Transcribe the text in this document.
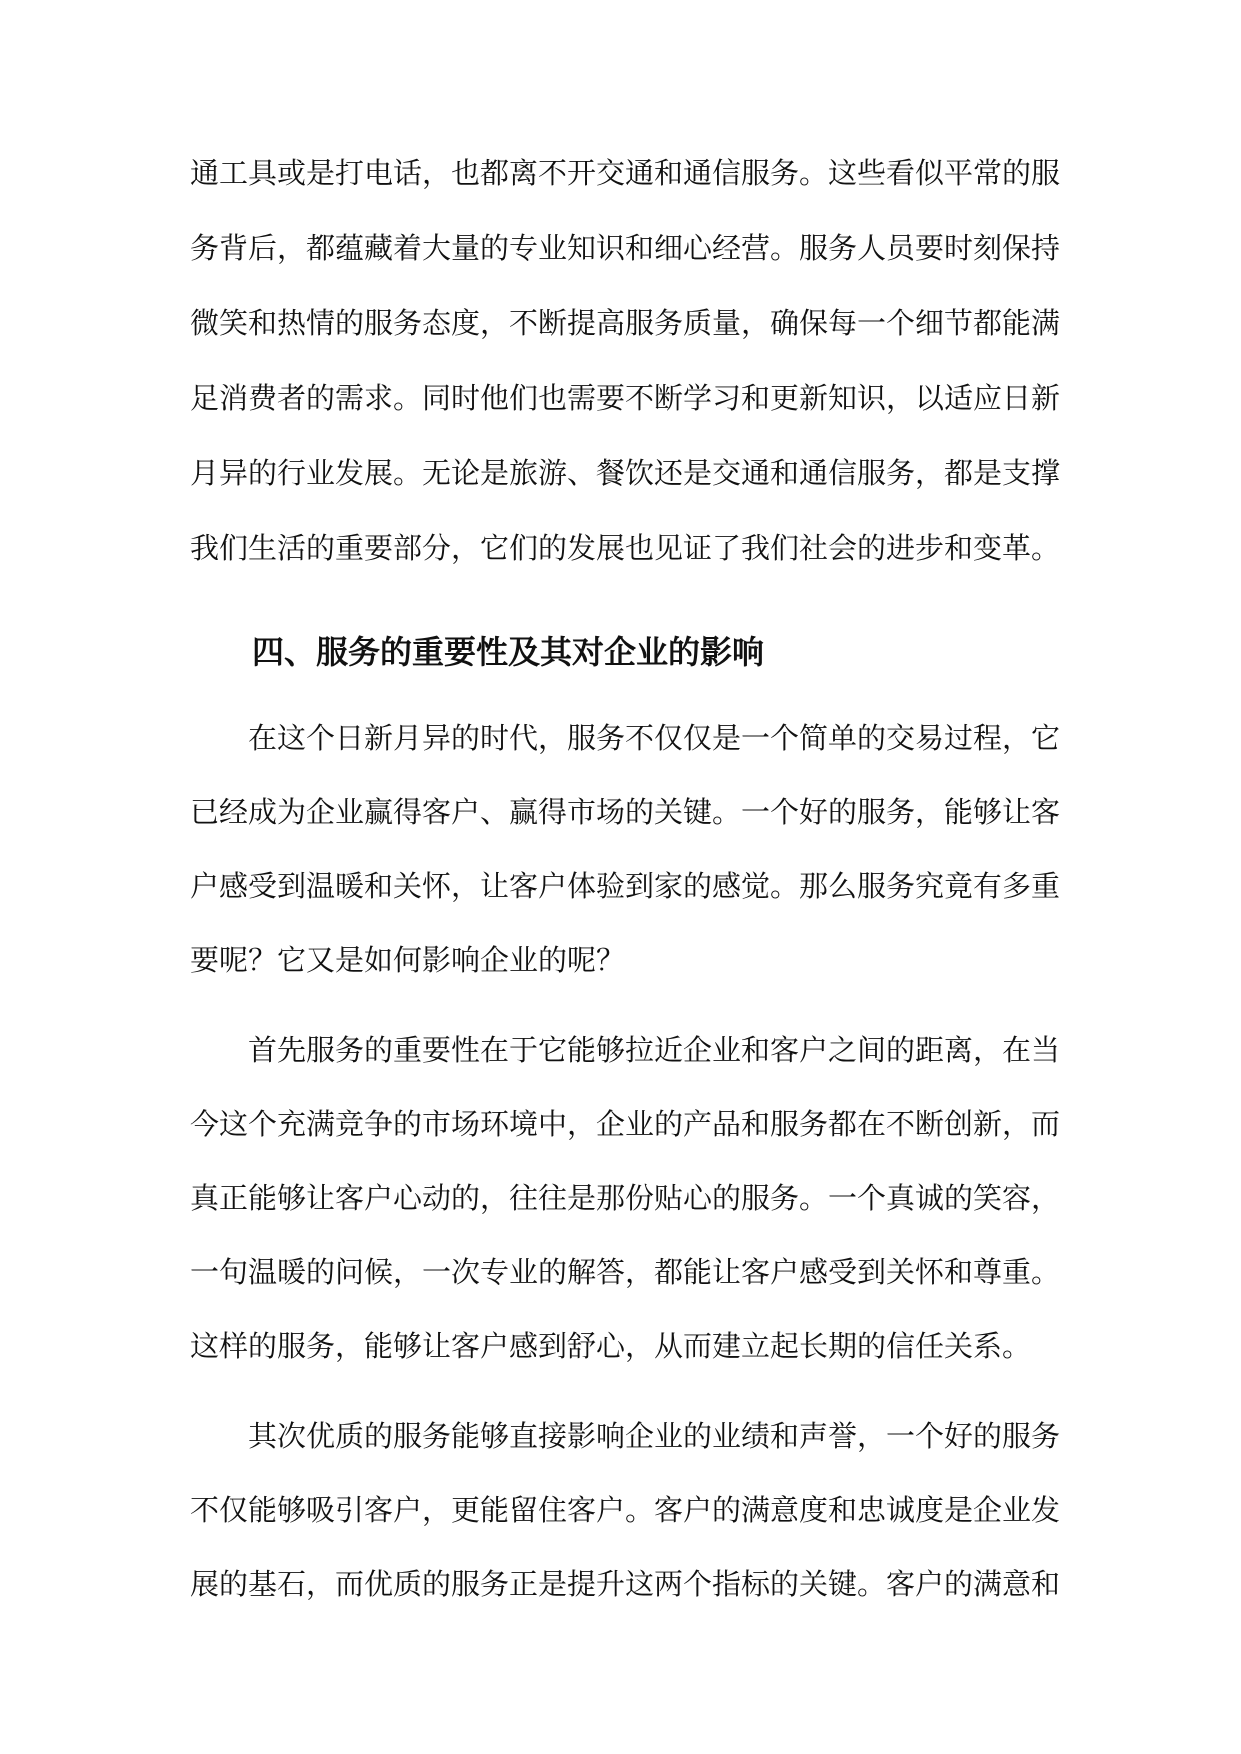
通工具或是打电话，也都离不开交通和通信服务。这些看似平常的服
务背后，都蕴藏着大量的专业知识和细心经营。服务人员要时刻保持
微笑和热情的服务态度，不断提高服务质量，确保每一个细节都能满
足消费者的需求。同时他们也需要不断学习和更新知识，以适应日新
月异的行业发展。无论是旅游、餐饮还是交通和通信服务，都是支撑
我们生活的重要部分，它们的发展也见证了我们社会的进步和变革。
四、服务的重要性及其对企业的影响
在这个日新月异的时代，服务不仅仅是一个简单的交易过程，它
已经成为企业赢得客户、赢得市场的关键。一个好的服务，能够让客
户感受到温暖和关怀，让客户体验到家的感觉。那么服务究竟有多重
要呢？它又是如何影响企业的呢？
首先服务的重要性在于它能够拉近企业和客户之间的距离，在当
今这个充满竞争的市场环境中，企业的产品和服务都在不断创新，而
真正能够让客户心动的，往往是那份贴心的服务。一个真诚的笑容，
一句温暖的问候，一次专业的解答，都能让客户感受到关怀和尊重。
这样的服务，能够让客户感到舒心，从而建立起长期的信任关系。
其次优质的服务能够直接影响企业的业绩和声誉，一个好的服务
不仅能够吸引客户，更能留住客户。客户的满意度和忠诚度是企业发
展的基石，而优质的服务正是提升这两个指标的关键。客户的满意和
